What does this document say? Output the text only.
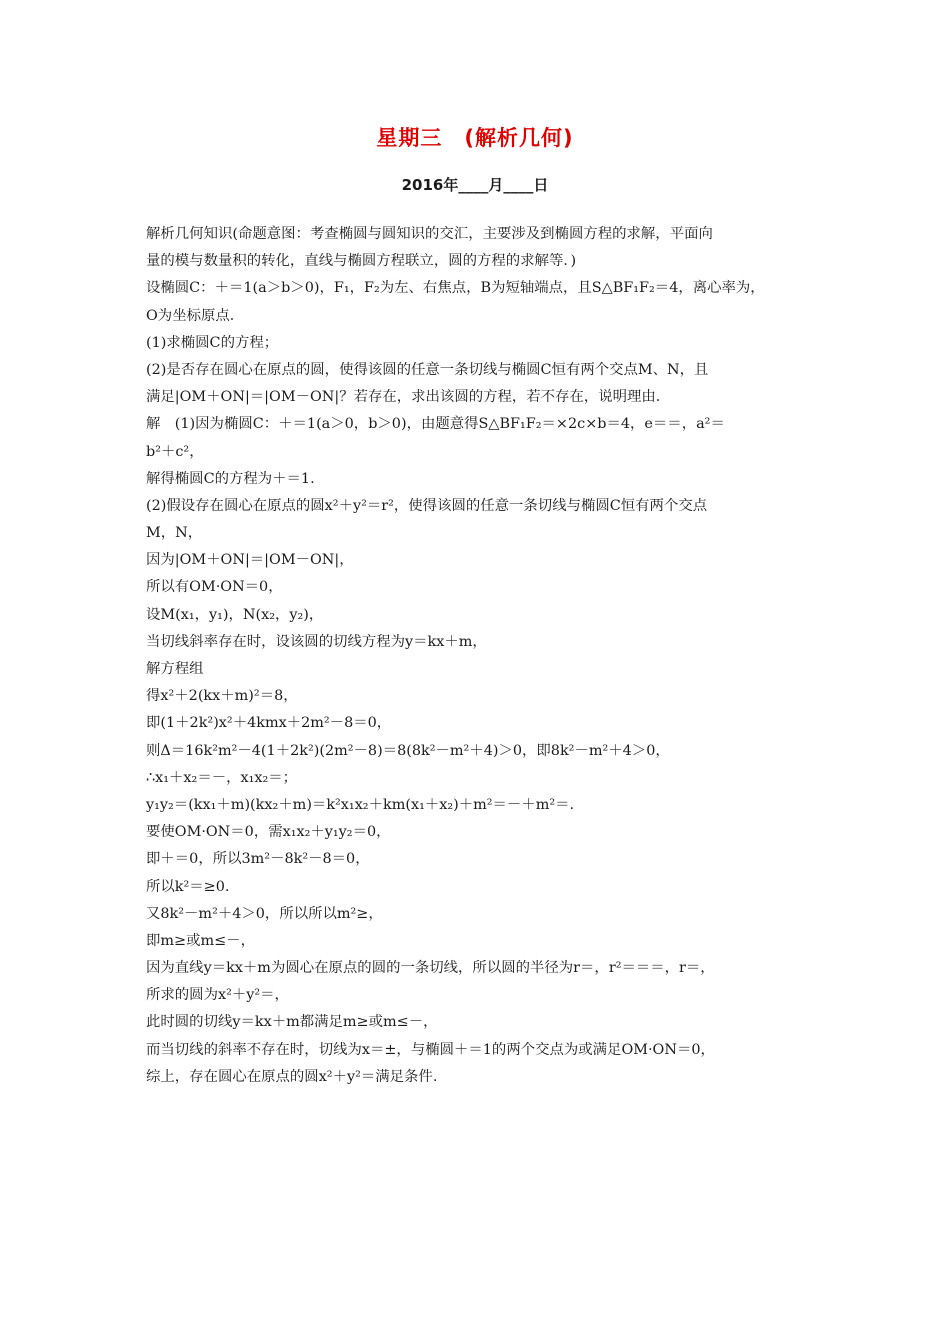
星期三　(解析几何)
2016年____月____日
解析几何知识(命题意图：考查椭圆与圆知识的交汇，主要涉及到椭圆方程的求解，平面向
量的模与数量积的转化，直线与椭圆方程联立，圆的方程的求解等．)
设椭圆C：＋＝1(a＞b＞0)，F₁，F₂为左、右焦点，B为短轴端点，且S△BF₁F₂＝4，离心率为，
O为坐标原点．
(1)求椭圆C的方程；
(2)是否存在圆心在原点的圆，使得该圆的任意一条切线与椭圆C恒有两个交点M、N，且
满足|OM＋ON|＝|OM－ON|？若存在，求出该圆的方程，若不存在，说明理由．
解　(1)因为椭圆C：＋＝1(a＞0，b＞0)，由题意得S△BF₁F₂＝×2c×b＝4，e＝＝，a²＝
b²＋c²，
解得椭圆C的方程为＋＝1.
(2)假设存在圆心在原点的圆x²＋y²＝r²，使得该圆的任意一条切线与椭圆C恒有两个交点
M，N，
因为|OM＋ON|＝|OM－ON|，
所以有OM·ON＝0，
设M(x₁，y₁)，N(x₂，y₂)，
当切线斜率存在时，设该圆的切线方程为y＝kx＋m，
解方程组
得x²＋2(kx＋m)²＝8，
即(1＋2k²)x²＋4kmx＋2m²－8＝0，
则Δ＝16k²m²－4(1＋2k²)(2m²－8)＝8(8k²－m²＋4)＞0，即8k²－m²＋4＞0，
∴x₁＋x₂＝－，x₁x₂＝；
y₁y₂＝(kx₁＋m)(kx₂＋m)＝k²x₁x₂＋km(x₁＋x₂)＋m²＝－＋m²＝.
要使OM·ON＝0，需x₁x₂＋y₁y₂＝0，
即＋＝0，所以3m²－8k²－8＝0，
所以k²＝≥0.
又8k²－m²＋4＞0，所以所以m²≥，
即m≥或m≤－，
因为直线y＝kx＋m为圆心在原点的圆的一条切线，所以圆的半径为r＝，r²＝＝＝，r＝，
所求的圆为x²＋y²＝，
此时圆的切线y＝kx＋m都满足m≥或m≤－，
而当切线的斜率不存在时，切线为x＝±，与椭圆＋＝1的两个交点为或满足OM·ON＝0，
综上，存在圆心在原点的圆x²＋y²＝满足条件.
